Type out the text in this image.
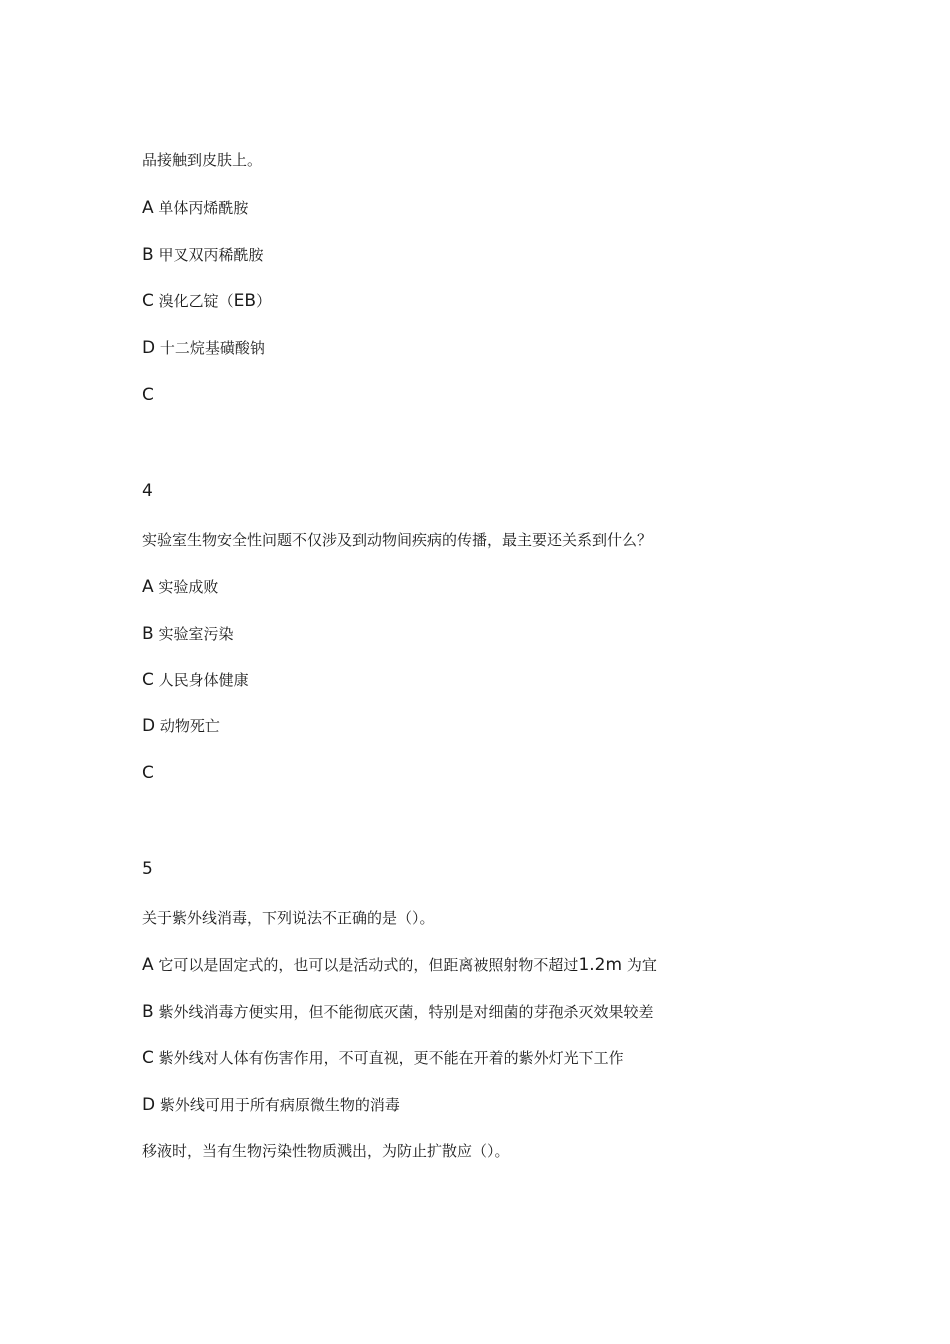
品接触到皮肤上。
A 单体丙烯酰胺
B 甲叉双丙稀酰胺
C 溴化乙锭（EB）
D 十二烷基磺酸钠
C
4
实验室生物安全性问题不仅涉及到动物间疾病的传播，最主要还关系到什么？
A 实验成败
B 实验室污染
C 人民身体健康
D 动物死亡
C
5
关于紫外线消毒，下列说法不正确的是（）。
A 它可以是固定式的，也可以是活动式的，但距离被照射物不超过1.2m 为宜
B 紫外线消毒方便实用，但不能彻底灭菌，特别是对细菌的芽孢杀灭效果较差
C 紫外线对人体有伤害作用，不可直视，更不能在开着的紫外灯光下工作
D 紫外线可用于所有病原微生物的消毒
移液时，当有生物污染性物质溅出，为防止扩散应（）。
